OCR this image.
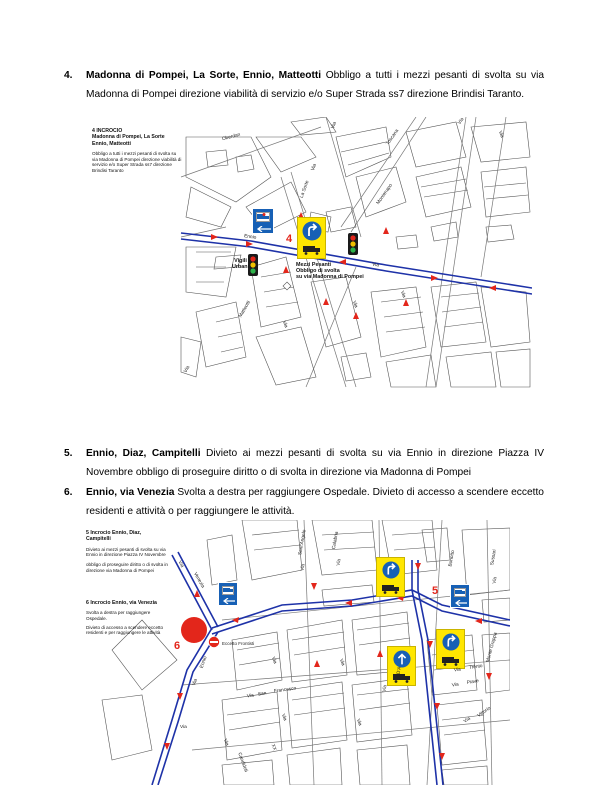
4. Madonna di Pompei, La Sorte, Ennio, Matteotti Obbligo a tutti i mezzi pesanti di svolta su via Madonna di Pompei direzione viabilità di servizio e/o Super Strada ss7 direzione Brindisi Taranto.
4 INCROCIO
Madonna di Pompei, La Sorte
Ennio, Matteotti
Obbligo a tutti i mezzi pesanti di svolta su via Madonna di Pompei direzione viabilità di servizio e/o Super Strada ss7 direzione Brindisi Taranto
4
Vigili
Urbani	Mezzi Pesanti
Obbligo di svolta
su via Madonna di Pompei
Oberdan
Via	Via
Toscana
Montenapo
Ennio
Via
La Sorte
Via
Matteotti
Via
Via
Via
Via
Via
5. Ennio, Diaz, Campitelli Divieto ai mezzi pesanti di svolta su via Ennio in direzione Piazza IV Novembre obbligo di proseguire diritto o di svolta in direzione via Madonna di Pompei
6. Ennio, via Venezia Svolta a destra per raggiungere Ospedale. Divieto di accesso a scendere eccetto residenti e attività o per raggiungere le attività.
5 Incrocio Ennio, Diaz,
Campitelli
Divieto ai mezzi pesanti di svolta su via Ennio in direzione Piazza IV Novembre
obbligo di proseguire diritto o di svolta in direzione via Madonna di Pompei
6 Incrocio Ennio, via Venezia
Svolta a destra per raggiungere Ospedale.
Divieto di accesso a scendere eccetto residenti e per raggiungere le attività
6
5
Eccetto Frontisti
Venezia
Via
Ennio
Via
Sant'Angelo
Via
Calabria
Via
D'A
Via
Bonotto	Sussari
Via
Piave
Via
Trento
Via
Monte Grappa
Vittorio
Via
Francesco
San
Via
Candidoti
Via
XX
Via	Via
Via
Via
Via
